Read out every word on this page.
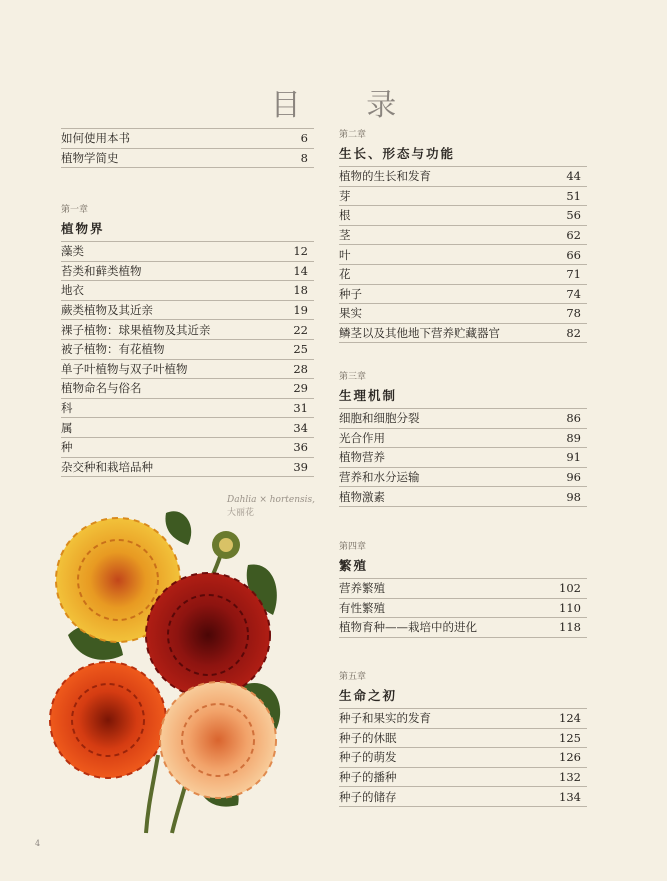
目 录
如何使用本书	6
植物学简史	8

第一章

植物界

藻类	12
苔类和藓类植物	14
地衣	18
蕨类植物及其近亲	19
裸子植物：球果植物及其近亲	22
被子植物：有花植物	25
单子叶植物与双子叶植物	28
植物命名与俗名	29
科	31
属	34
种	36
杂交种和栽培品种	39

第二章

生长、形态与功能

植物的生长和发育	44
芽	51
根	56
茎	62
叶	66
花	71
种子	74
果实	78
鳞茎以及其他地下营养贮藏器官	82

第三章

生理机制

细胞和细胞分裂	86
光合作用	89
植物营养	91
营养和水分运输	96
植物激素	98

第四章

繁殖

营养繁殖	102
有性繁殖	110
植物育种——栽培中的进化	118

第五章

生命之初

种子和果实的发育	124
种子的休眠	125
种子的萌发	126
种子的播种	132
种子的储存	134
Dahlia × hortensis,
大丽花
4
